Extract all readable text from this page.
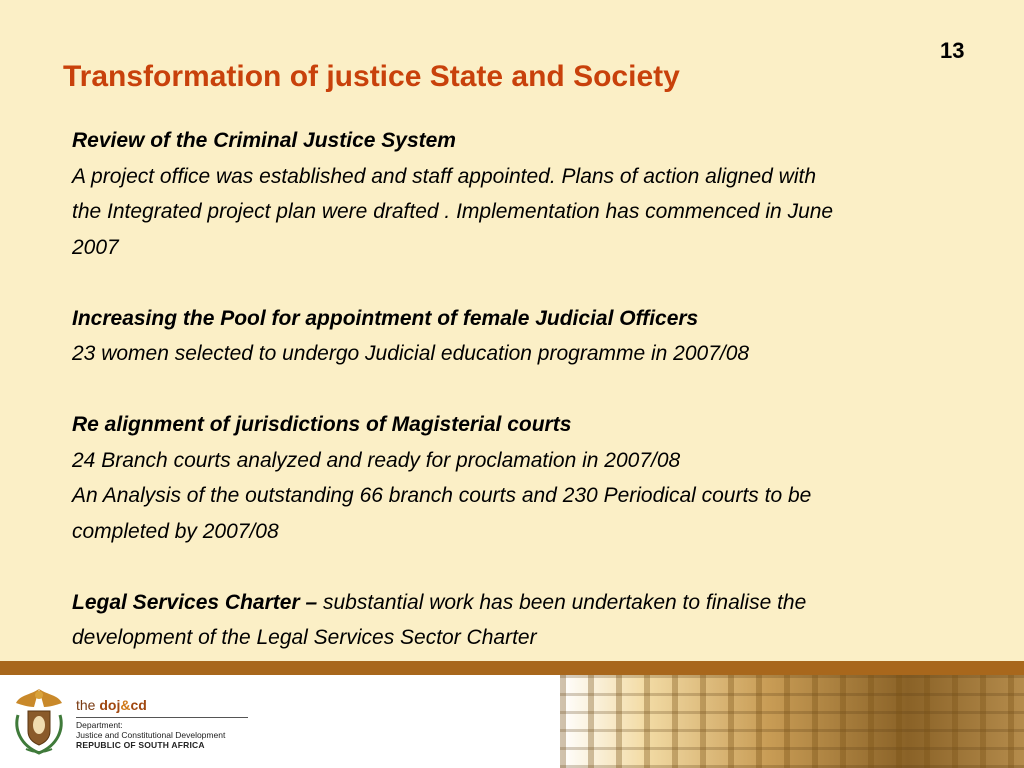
13
Transformation of justice State and Society
Review of the Criminal Justice System
A project office was established and staff appointed. Plans of action aligned with
the Integrated project plan were drafted . Implementation has commenced in June
2007
Increasing the Pool for appointment of female Judicial Officers
23 women selected to undergo Judicial education programme in 2007/08
Re alignment of jurisdictions of Magisterial courts
24 Branch courts analyzed and ready for proclamation in 2007/08
An Analysis of the outstanding 66 branch courts and 230 Periodical courts to be
completed by 2007/08
Legal Services Charter – substantial work has been undertaken to finalise the
development of the Legal Services Sector Charter
the doj&cd
Department:
Justice and Constitutional Development
REPUBLIC OF SOUTH AFRICA
